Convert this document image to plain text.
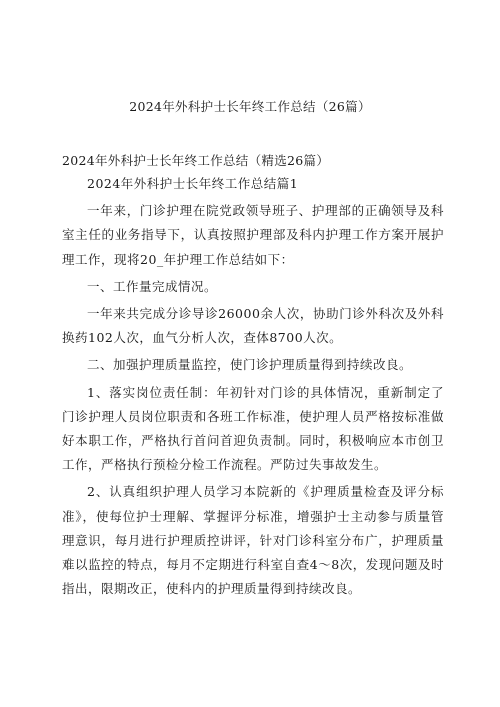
2024年外科护士长年终工作总结（26篇）
2024年外科护士长年终工作总结（精选26篇）

2024年外科护士长年终工作总结篇1

一年来，门诊护理在院党政领导班子、护理部的正确领导及科室主任的业务指导下，认真按照护理部及科内护理工作方案开展护理工作，现将20_年护理工作总结如下：

一、工作量完成情况。

一年来共完成分诊导诊26000余人次，协助门诊外科次及外科换药102人次，血气分析人次，查体8700人次。

二、加强护理质量监控，使门诊护理质量得到持续改良。

1、落实岗位责任制：年初针对门诊的具体情况，重新制定了门诊护理人员岗位职责和各班工作标准，使护理人员严格按标准做好本职工作，严格执行首问首迎负责制。同时，积极响应本市创卫工作，严格执行预检分检工作流程。严防过失事故发生。

2、认真组织护理人员学习本院新的《护理质量检查及评分标准》，使每位护士理解、掌握评分标准，增强护士主动参与质量管理意识，每月进行护理质控讲评，针对门诊科室分布广，护理质量难以监控的特点，每月不定期进行科室自查4～8次，发现问题及时指出，限期改正，使科内的护理质量得到持续改良。
